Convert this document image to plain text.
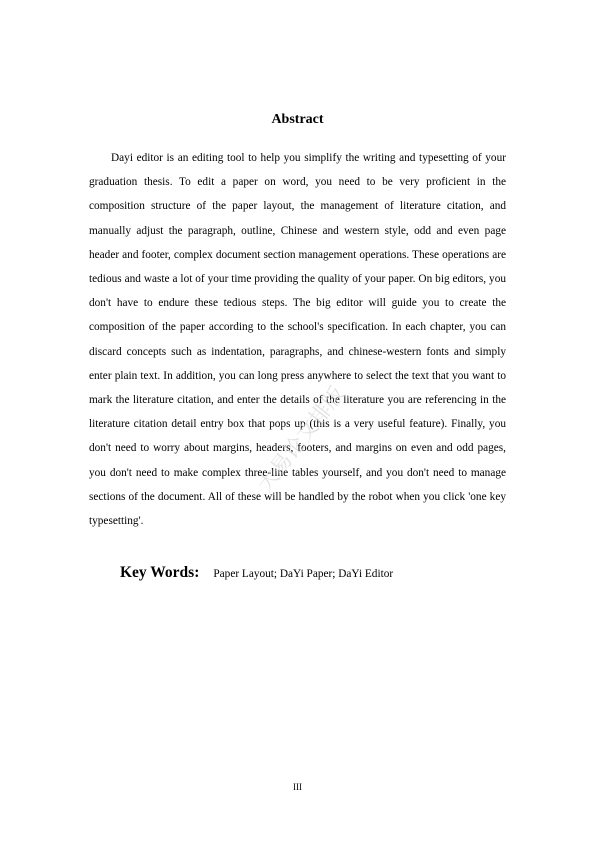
Abstract

Dayi editor is an editing tool to help you simplify the writing and typesetting of your graduation thesis. To edit a paper on word, you need to be very proficient in the composition structure of the paper layout, the management of literature citation, and manually adjust the paragraph, outline, Chinese and western style, odd and even page header and footer, complex document section management operations. These operations are tedious and waste a lot of your time providing the quality of your paper. On big editors, you don't have to endure these tedious steps. The big editor will guide you to create the composition of the paper according to the school's specification. In each chapter, you can discard concepts such as indentation, paragraphs, and chinese-western fonts and simply enter plain text. In addition, you can long press anywhere to select the text that you want to mark the literature citation, and enter the details of the literature you are referencing in the literature citation detail entry box that pops up (this is a very useful feature). Finally, you don't need to worry about margins, headers, footers, and margins on even and odd pages, you don't need to make complex three-line tables yourself, and you don't need to manage sections of the document. All of these will be handled by the robot when you click 'one key typesetting'.

大易论文排版
Key Words: Paper Layout; DaYi Paper; DaYi Editor
III
